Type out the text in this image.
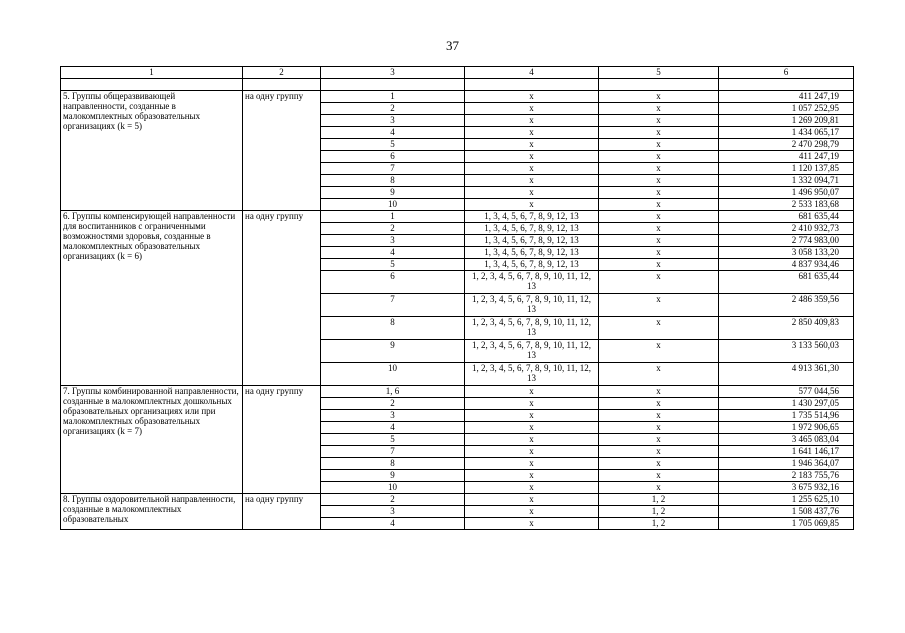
37
1	2	3	4	5	6

5. Группы общеразвивающей направленности, созданные в малокомплектных образовательных организациях (k = 5)	на одну группу	1	x	x	411 247,19
		2	x	x	1 057 252,95
		3	x	x	1 269 209,81
		4	x	x	1 434 065,17
		5	x	x	2 470 298,79
		6	x	x	411 247,19
		7	x	x	1 120 137,85
		8	x	x	1 332 094,71
		9	x	x	1 496 950,07
		10	x	x	2 533 183,68
6. Группы компенсирующей направленности для воспитанников с ограниченными возможностями здоровья, созданные в малокомплектных образовательных организациях (k = 6)	на одну группу	1	1, 3, 4, 5, 6, 7, 8, 9, 12, 13	x	681 635,44
		2	1, 3, 4, 5, 6, 7, 8, 9, 12, 13	x	2 410 932,73
		3	1, 3, 4, 5, 6, 7, 8, 9, 12, 13	x	2 774 983,00
		4	1, 3, 4, 5, 6, 7, 8, 9, 12, 13	x	3 058 133,20
		5	1, 3, 4, 5, 6, 7, 8, 9, 12, 13	x	4 837 934,46
		6	1, 2, 3, 4, 5, 6, 7, 8, 9, 10, 11, 12, 13	x	681 635,44
		7	1, 2, 3, 4, 5, 6, 7, 8, 9, 10, 11, 12, 13	x	2 486 359,56
		8	1, 2, 3, 4, 5, 6, 7, 8, 9, 10, 11, 12, 13	x	2 850 409,83
		9	1, 2, 3, 4, 5, 6, 7, 8, 9, 10, 11, 12, 13	x	3 133 560,03
		10	1, 2, 3, 4, 5, 6, 7, 8, 9, 10, 11, 12, 13	x	4 913 361,30
7. Группы комбинированной направленности, созданные в малокомплектных дошкольных образовательных организациях или при малокомплектных образовательных организациях (k = 7)	на одну группу	1, 6	x	x	577 044,56
		2	x	x	1 430 297,05
		3	x	x	1 735 514,96
		4	x	x	1 972 906,65
		5	x	x	3 465 083,04
		7	x	x	1 641 146,17
		8	x	x	1 946 364,07
		9	x	x	2 183 755,76
		10	x	x	3 675 932,16
8. Группы оздоровительной направленности, созданные в малокомплектных образовательных	на одну группу	2	x	1, 2	1 255 625,10
		3	x	1, 2	1 508 437,76
		4	x	1, 2	1 705 069,85
